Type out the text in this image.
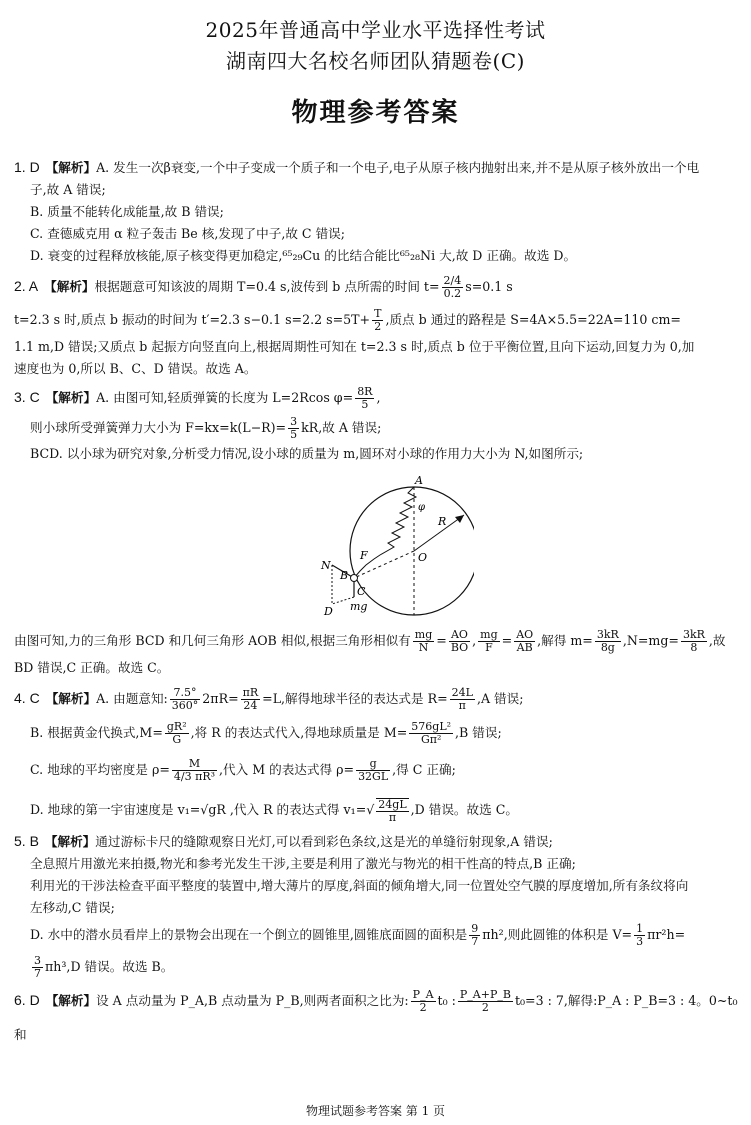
2025年普通高中学业水平选择性考试
湖南四大名校名师团队猜题卷(C)
物理参考答案

1. D 【解析】A. 发生一次β衰变,一个中子变成一个质子和一个电子,电子从原子核内抛射出来,并不是从原子核外放出一个电

子,故 A 错误;

B. 质量不能转化成能量,故 B 错误;

C. 查德威克用 α 粒子轰击 Be 核,发现了中子,故 C 错误;

D. 衰变的过程释放核能,原子核变得更加稳定,⁶⁵₂₉Cu 的比结合能比⁶⁵₂₈Ni 大,故 D 正确。故选 D。

2. A 【解析】根据题意可知该波的周期 T=0.4 s,波传到 b 点所需的时间 $t= \frac{2/4}{0.2} s=0.1$ s

t=2.3 s 时,质点 b 振动的时间为 t′=2.3 s−0.1 s=2.2 $s=5T+ \frac{T}{2}$ ,质点 b 通过的路程是 S=4A×5.5=22A=110 cm=

1.1 m,D 错误;又质点 b 起振方向竖直向上,根据周期性可知在 t=2.3 s 时,质点 b 位于平衡位置,且向下运动,回复力为 0,加

速度也为 0,所以 B、C、D 错误。故选 A。

3. C 【解析】A. 由图可知,轻质弹簧的长度为 L=2Rcos $\varphi= \frac{8R}{5}$ ,

则小球所受弹簧弹力大小为 $F=kx=k(L-R)= \frac{3}{5}$ kR,故 A 错误;

BCD. 以小球为研究对象,分析受力情况,设小球的质量为 m,圆环对小球的作用力大小为 N,如图所示;

A
φ
R
O
F
B
N
C
mg
D

由图可知,力的三角形 BCD 和几何三角形 AOB 相似,根据三角形相似有 $\frac{mg}{N} = \frac{AO}{BO}$ , $\frac{mg}{F} = \frac{AO}{AB}$ ,解得 $m= \frac{3kR}{8g} ,N=mg= \frac{3kR}{8}$ ,故

BD 错误,C 正确。故选 C。

4. C 【解析】A. 由题意知: $\frac{7.5^\circ}{360^\circ} 2\pi R= \frac{\pi R}{24} =L$,解得地球半径的表达式是 $R= \frac{24L}{\pi} ,A$ 错误;

B. 根据黄金代换式$,M= \frac{\text{gR²}}{G}$ ,将 R 的表达式代入,得地球质量是 $M= \frac{\text{576gL²}}{\text{Gπ²}} ,B$ 错误;

C. 地球的平均密度是 $\rho= \frac{M}{\text{4/3 πR³}}$ ,代入 M 的表达式得 $\rho= \frac{g}{32GL}$ ,得 C 正确;

D. 地球的第一宇宙速度是 v₁=√gR ,代入 R 的表达式得 $v_1=√ \frac{24gL}{\pi} ,D$ 错误。故选 C。

5. B 【解析】通过游标卡尺的缝隙观察日光灯,可以看到彩色条纹,这是光的单缝衍射现象,A 错误;

全息照片用激光来拍摄,物光和参考光发生干涉,主要是利用了激光与物光的相干性高的特点,B 正确;

利用光的干涉法检查平面平整度的装置中,增大薄片的厚度,斜面的倾角增大,同一位置处空气膜的厚度增加,所有条纹将向

左移动,C 错误;

D. 水中的潜水员看岸上的景物会出现在一个倒立的圆锥里,圆锥底面圆的面积是 $\frac{9}{7} \pi h^2$,则此圆锥的体积是 $V= \frac{1}{3} \pi r^2h=$

$\frac{3}{7} \pi h^3,D$ 错误。故选 B。

6. D 【解析】设 A 点动量为 P_A,B 点动量为 P_B,则两者面积之比为: $\frac{P\_A}{2} t_0$ : $\frac{P\_A+P\_B}{2} t_0=3$ : 7,解得:P_A : P_B=3 : 4。0~t₀ 和

物理试题参考答案 第 1 页
